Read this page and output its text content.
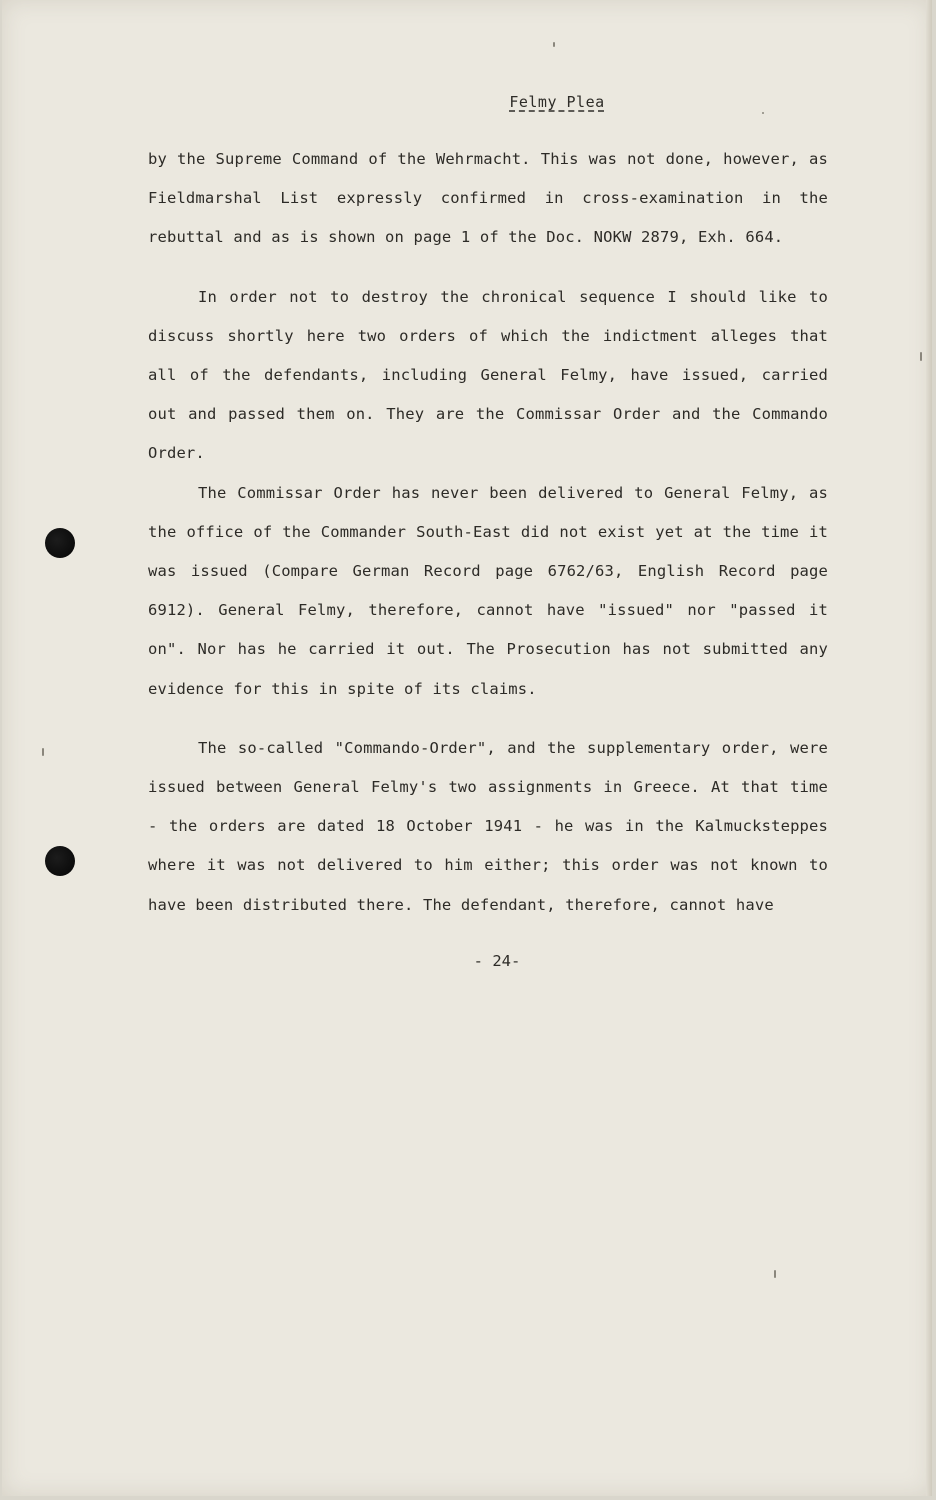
Felmy Plea

by the Supreme Command of the Wehrmacht. This was not done, however, as Fieldmarshal List expressly confirmed in cross-examination in the rebuttal and as is shown on page 1 of the Doc. NOKW 2879, Exh. 664.

In order not to destroy the chronical sequence I should like to discuss shortly here two orders of which the indictment alleges that all of the defendants, including General Felmy, have issued, carried out and passed them on. They are the Commissar Order and the Commando Order.

The Commissar Order has never been delivered to General Felmy, as the office of the Commander South-East did not exist yet at the time it was issued (Compare German Record page 6762/63, English Record page 6912). General Felmy, therefore, cannot have "issued" nor "passed it on". Nor has he carried it out. The Prosecution has not submitted any evidence for this in spite of its claims.

The so-called "Commando-Order", and the supplementary order, were issued between General Felmy's two assignments in Greece. At that time - the orders are dated 18 October 1941 - he was in the Kalmucksteppes where it was not delivered to him either; this order was not known to have been distributed there. The defendant, therefore, cannot have

- 24-
